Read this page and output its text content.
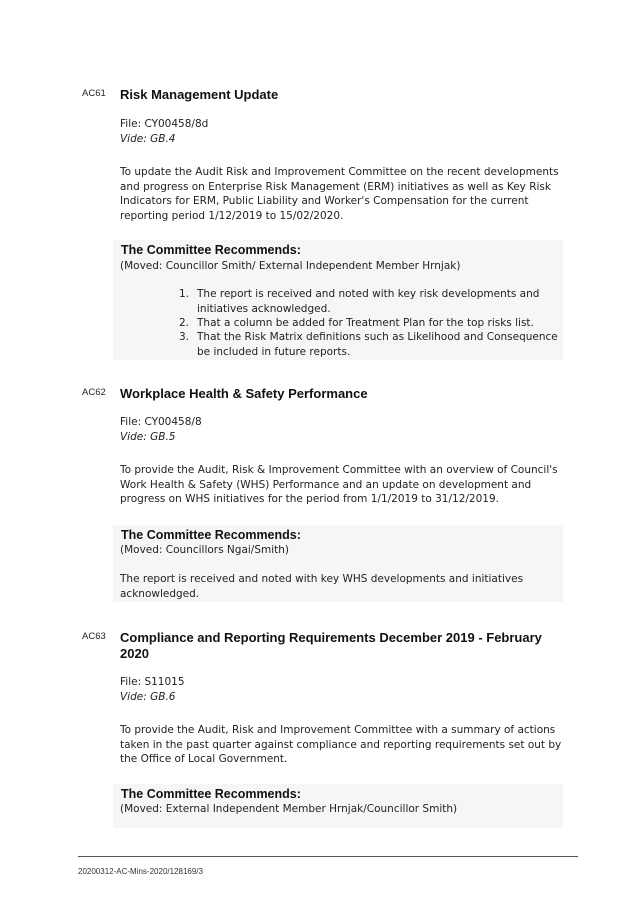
AC61 Risk Management Update
File: CY00458/8d
Vide: GB.4

To update the Audit Risk and Improvement Committee on the recent developments and progress on Enterprise Risk Management (ERM) initiatives as well as Key Risk Indicators for ERM, Public Liability and Worker's Compensation for the current reporting period 1/12/2019 to 15/02/2020.

The Committee Recommends:
(Moved: Councillor Smith/ External Independent Member Hrnjak)
1. The report is received and noted with key risk developments and initiatives acknowledged.
2. That a column be added for Treatment Plan for the top risks list.
3. That the Risk Matrix definitions such as Likelihood and Consequence be included in future reports.
AC62 Workplace Health & Safety Performance
File: CY00458/8
Vide: GB.5

To provide the Audit, Risk & Improvement Committee with an overview of Council's Work Health & Safety (WHS) Performance and an update on development and progress on WHS initiatives for the period from 1/1/2019 to 31/12/2019.

The Committee Recommends:
(Moved: Councillors Ngai/Smith)
The report is received and noted with key WHS developments and initiatives acknowledged.
AC63 Compliance and Reporting Requirements December 2019 - February 2020
File: S11015
Vide: GB.6

To provide the Audit, Risk and Improvement Committee with a summary of actions taken in the past quarter against compliance and reporting requirements set out by the Office of Local Government.

The Committee Recommends:
(Moved: External Independent Member Hrnjak/Councillor Smith)
20200312-AC-Mins-2020/128169/3
